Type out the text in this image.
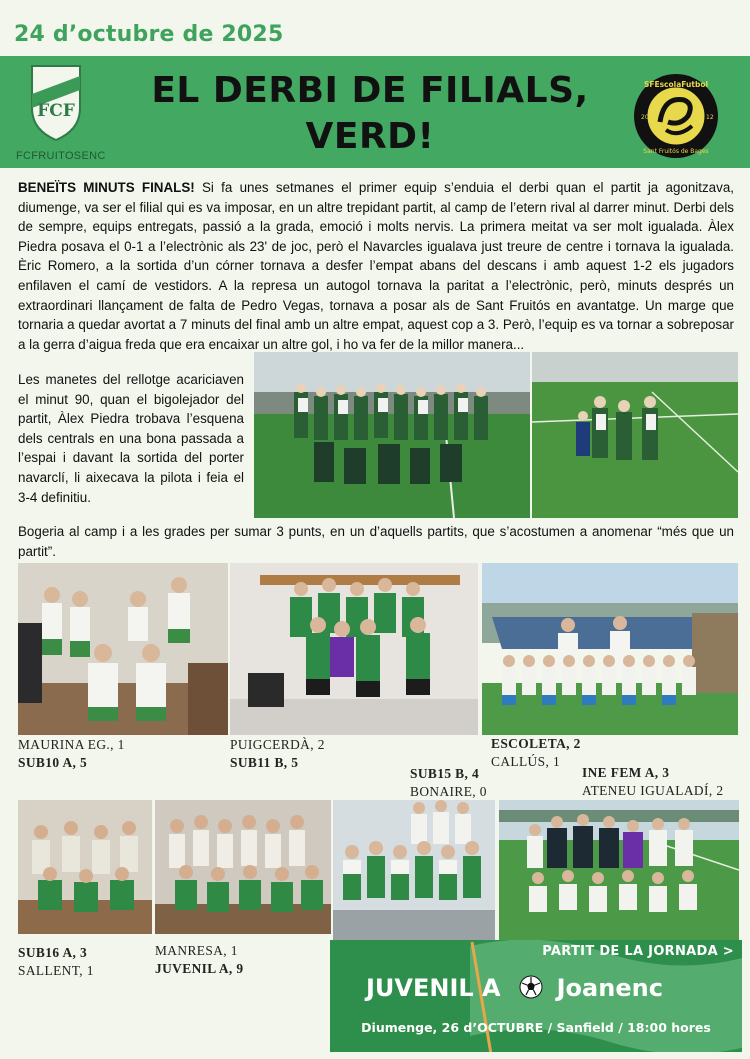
24 d’octubre de 2025
FCF
FCFRUITOSENC
EL DERBI DE FILIALS,
VERD!
SFEscolaFutbol
Sant Fruitós de Bages
20	12
BENEÏTS MINUTS FINALS! Si fa unes setmanes el primer equip s’enduia el derbi quan el partit ja agonitzava, diumenge, va ser el filial qui es va imposar, en un altre trepidant partit, al camp de l’etern rival al darrer minut. Derbi dels de sempre, equips entregats, passió a la grada, emoció i molts nervis. La primera meitat va ser molt igualada. Àlex Piedra posava el 0-1 a l’electrònic als 23' de joc, però el Navarcles igualava just treure de centre i tornava la igualada. Èric Romero, a la sortida d’un córner tornava a desfer l’empat abans del descans i amb aquest 1-2 els jugadors enfilaven el camí de vestidors. A la represa un autogol tornava la paritat a l’electrònic, però, minuts després un extraordinari llançament de falta de Pedro Vegas, tornava a posar als de Sant Fruitós en avantatge. Un marge que tornaria a quedar avortat a 7 minuts del final amb un altre empat, aquest cop a 3. Però, l’equip es va tornar a sobreposar a la gerra d’aigua freda que era encaixar un altre gol, i ho va fer de la millor manera...
Les manetes del rellotge acariciaven el minut 90, quan el bigolejador del partit, Àlex Piedra trobava l’esquena dels centrals en una bona passada a l’espai i davant la sortida del porter navarclí, li aixecava la pilota i feia el 3-4 definitiu.
Bogeria al camp i a les grades per sumar 3 punts, en un d’aquells partits, que s’acostumen a anomenar “més que un partit”.
MAURINA EG., 1
SUB10 A, 5
PUIGCERDÀ, 2
SUB11 B, 5
ESCOLETA, 2
CALLÚS, 1
SUB15 B, 4
BONAIRE, 0
INE FEM A, 3
ATENEU IGUALADÍ, 2
SUB16 A, 3
SALLENT, 1
MANRESA, 1
JUVENIL A, 9
PARTIT DE LA JORNADA >
JUVENIL A Joanenc
Diumenge, 26 d’OCTUBRE / Sanfield / 18:00 hores
